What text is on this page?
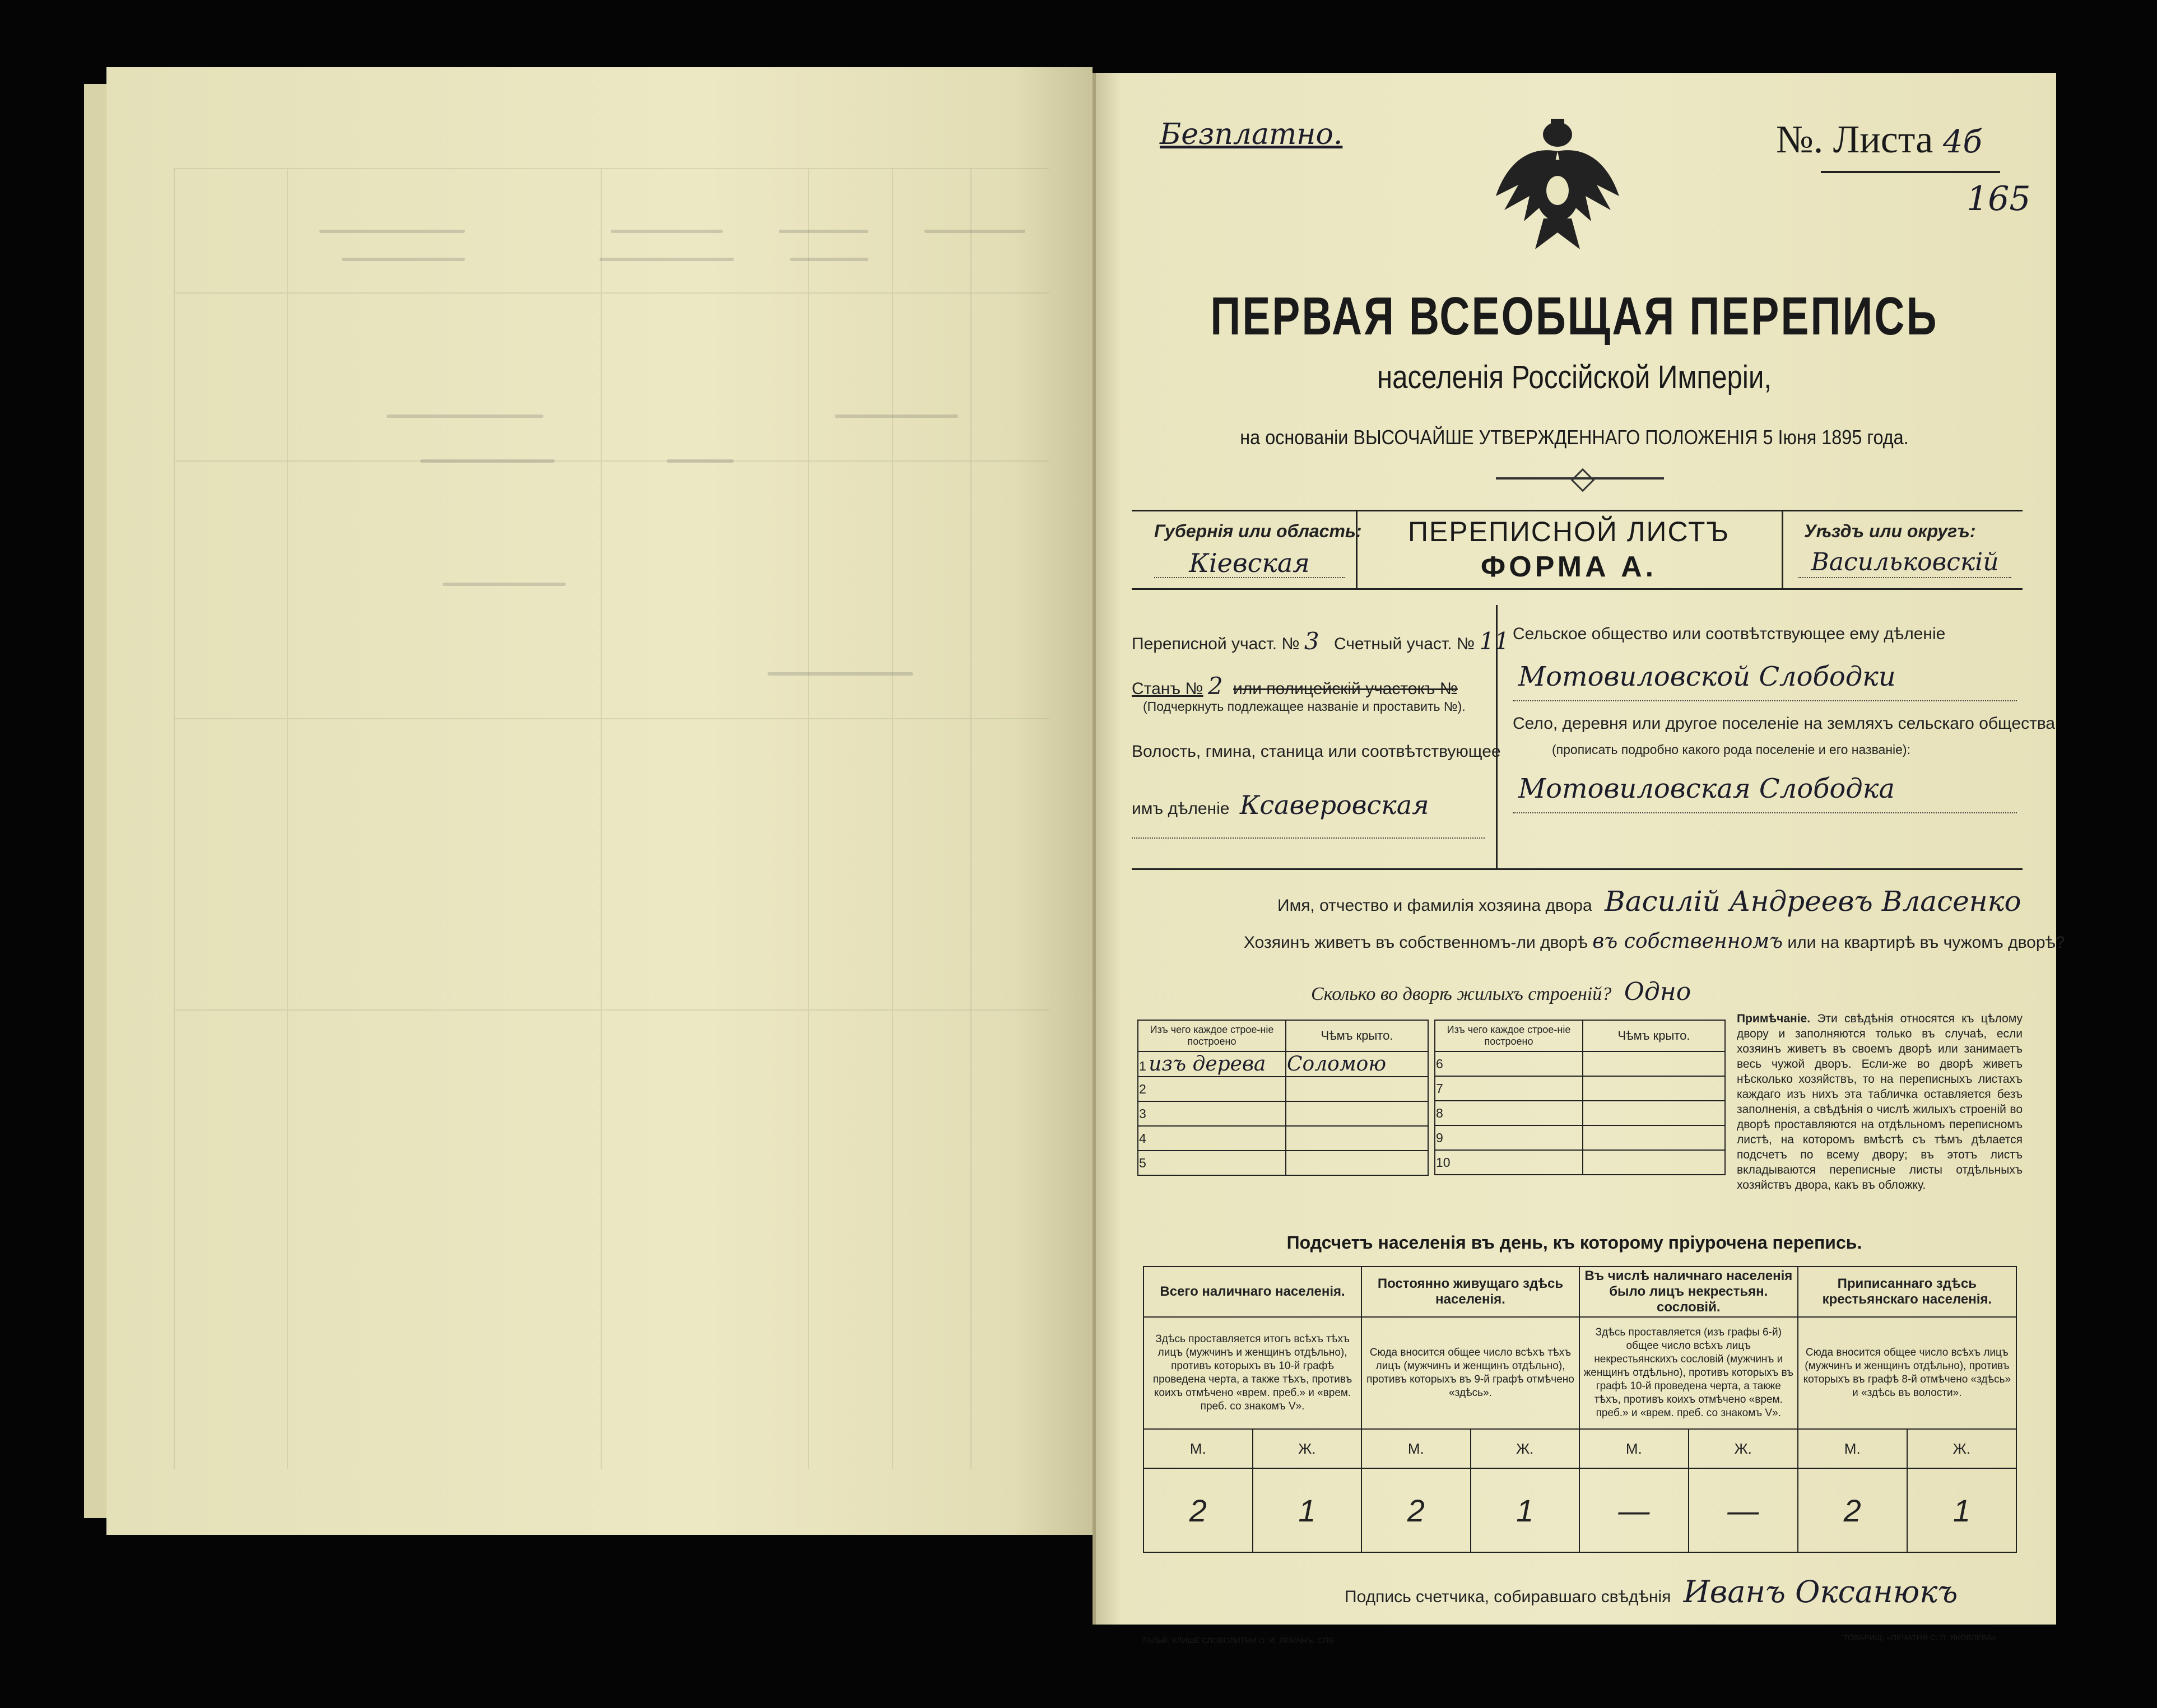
Безплатно.	№. Листа 4б
165
ПЕРВАЯ ВСЕОБЩАЯ ПЕРЕПИСЬ
населенія Россійской Имперіи,
на основаніи ВЫСОЧАЙШЕ УТВЕРЖДЕННАГО ПОЛОЖЕНІЯ 5 Іюня 1895 года.
Губернія или область:
Кіевская
ПЕРЕПИСНОЙ ЛИСТЪ
ФОРМА А.
Уѣздъ или округъ:
Васильковскій
Переписной участ. № 3 Счетный участ. № 11
Станъ № 2 или полицейскій участокъ №
(Подчеркнуть подлежащее названіе и проставить №).
Волость, гмина, станица или соотвѣтствующее
имъ дѣленіе Ксаверовская
Сельское общество или соотвѣтствующее ему дѣленіе
Мотовиловской Слободки
Село, деревня или другое поселеніе на земляхъ сельскаго общества
(прописать подробно какого рода поселеніе и его названіе):
Мотовиловская Слободка
Имя, отчество и фамилія хозяина двора Василій Андреевъ Власенко
Хозяинъ живетъ въ собственномъ-ли дворѣ въ собственномъ или на квартирѣ въ чужомъ дворѣ?
Сколько во дворѣ жилыхъ строеній? Одно
Изъ чего каждое строе-ніе построено	Чѣмъ крыто.
1 изъ дерева	Соломою
2	
3	
4	
5	
Изъ чего каждое строе-ніе построено	Чѣмъ крыто.
6	
7	
8	
9	
10	
Примѣчаніе. Эти свѣдѣнія относятся къ цѣлому двору и заполняются только въ случаѣ, если хозяинъ живетъ въ своемъ дворѣ или занимаетъ весь чужой дворъ. Если-же во дворѣ живетъ нѣсколько хозяйствъ, то на переписныхъ листахъ каждаго изъ нихъ эта табличка оставляется безъ заполненія, а свѣдѣнія о числѣ жилыхъ строеній во дворѣ проставляются на отдѣльномъ переписномъ листѣ, на которомъ вмѣстѣ съ тѣмъ дѣлается подсчетъ по всему двору; въ этотъ листъ вкладываются переписные листы отдѣльныхъ хозяйствъ двора, какъ въ обложку.
Подсчетъ населенія въ день, къ которому пріурочена перепись.
Всего наличнаго населенія.		Постоянно живущаго здѣсь населенія.		Въ числѣ наличнаго населенія было лицъ некрестьян. сословій.		Приписаннаго здѣсь крестьянскаго населенія.	
Здѣсь проставляется итогъ всѣхъ тѣхъ лицъ (мужчинъ и женщинъ отдѣльно), противъ которыхъ въ 10-й графѣ проведена черта, а также тѣхъ, противъ коихъ отмѣчено «врем. преб.» и «врем. преб. со знакомъ V».		Сюда вносится общее число всѣхъ тѣхъ лицъ (мужчинъ и женщинъ отдѣльно), противъ которыхъ въ 9-й графѣ отмѣчено «здѣсь».		Здѣсь проставляется (изъ графы 6-й) общее число всѣхъ лицъ некрестьянскихъ сословій (мужчинъ и женщинъ отдѣльно), противъ которыхъ въ графѣ 10-й проведена черта, а также тѣхъ, противъ коихъ отмѣчено «врем. преб.» и «врем. преб. со знакомъ V».		Сюда вносится общее число всѣхъ лицъ (мужчинъ и женщинъ отдѣльно), противъ которыхъ въ графѣ 8-й отмѣчено «здѣсь» и «здѣсь въ волости».	
М.	Ж.	М.	Ж.	М.	Ж.	М.	Ж.
2	1	2	1	—	—	2	1
Подпись счетчика, собиравшаго свѣдѣнія Иванъ Оксанюкъ
ГАЛЬВ. КЛИШЕ СЛОВОЛИТНИ О. И. ЛЕМАНЪ, СПБ	ТОВАРИЩ. «ПЕЧАТНЯ С. П. ЯКОВЛЕВА»
